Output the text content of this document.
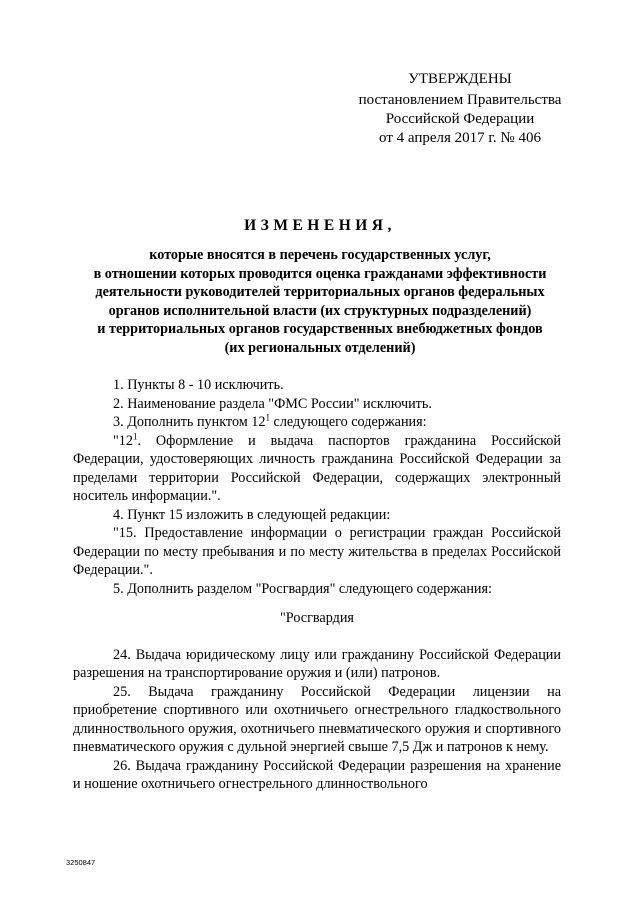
УТВЕРЖДЕНЫ
постановлением Правительства
Российской Федерации
от 4 апреля 2017 г. № 406
ИЗМЕНЕНИЯ,
которые вносятся в перечень государственных услуг,
в отношении которых проводится оценка гражданами эффективности
деятельности руководителей территориальных органов федеральных
органов исполнительной власти (их структурных подразделений)
и территориальных органов государственных внебюджетных фондов
(их региональных отделений)

1. Пункты 8 - 10 исключить.

2. Наименование раздела "ФМС России" исключить.

3. Дополнить пунктом $12^1$ следующего содержания:

"$12^1$. Оформление и выдача паспортов гражданина Российской Федерации, удостоверяющих личность гражданина Российской Федерации за пределами территории Российской Федерации, содержащих электронный носитель информации.".

4. Пункт 15 изложить в следующей редакции:

"15. Предоставление информации о регистрации граждан Российской Федерации по месту пребывания и по месту жительства в пределах Российской Федерации.".

5. Дополнить разделом "Росгвардия" следующего содержания:

"Росгвардия

24. Выдача юридическому лицу или гражданину Российской Федерации разрешения на транспортирование оружия и (или) патронов.

25. Выдача гражданину Российской Федерации лицензии на приобретение спортивного или охотничьего огнестрельного гладкоствольного длинноствольного оружия, охотничьего пневматического оружия и спортивного пневматического оружия с дульной энергией свыше 7,5 Дж и патронов к нему.

26. Выдача гражданину Российской Федерации разрешения на хранение и ношение охотничьего огнестрельного длинноствольного

3250847
